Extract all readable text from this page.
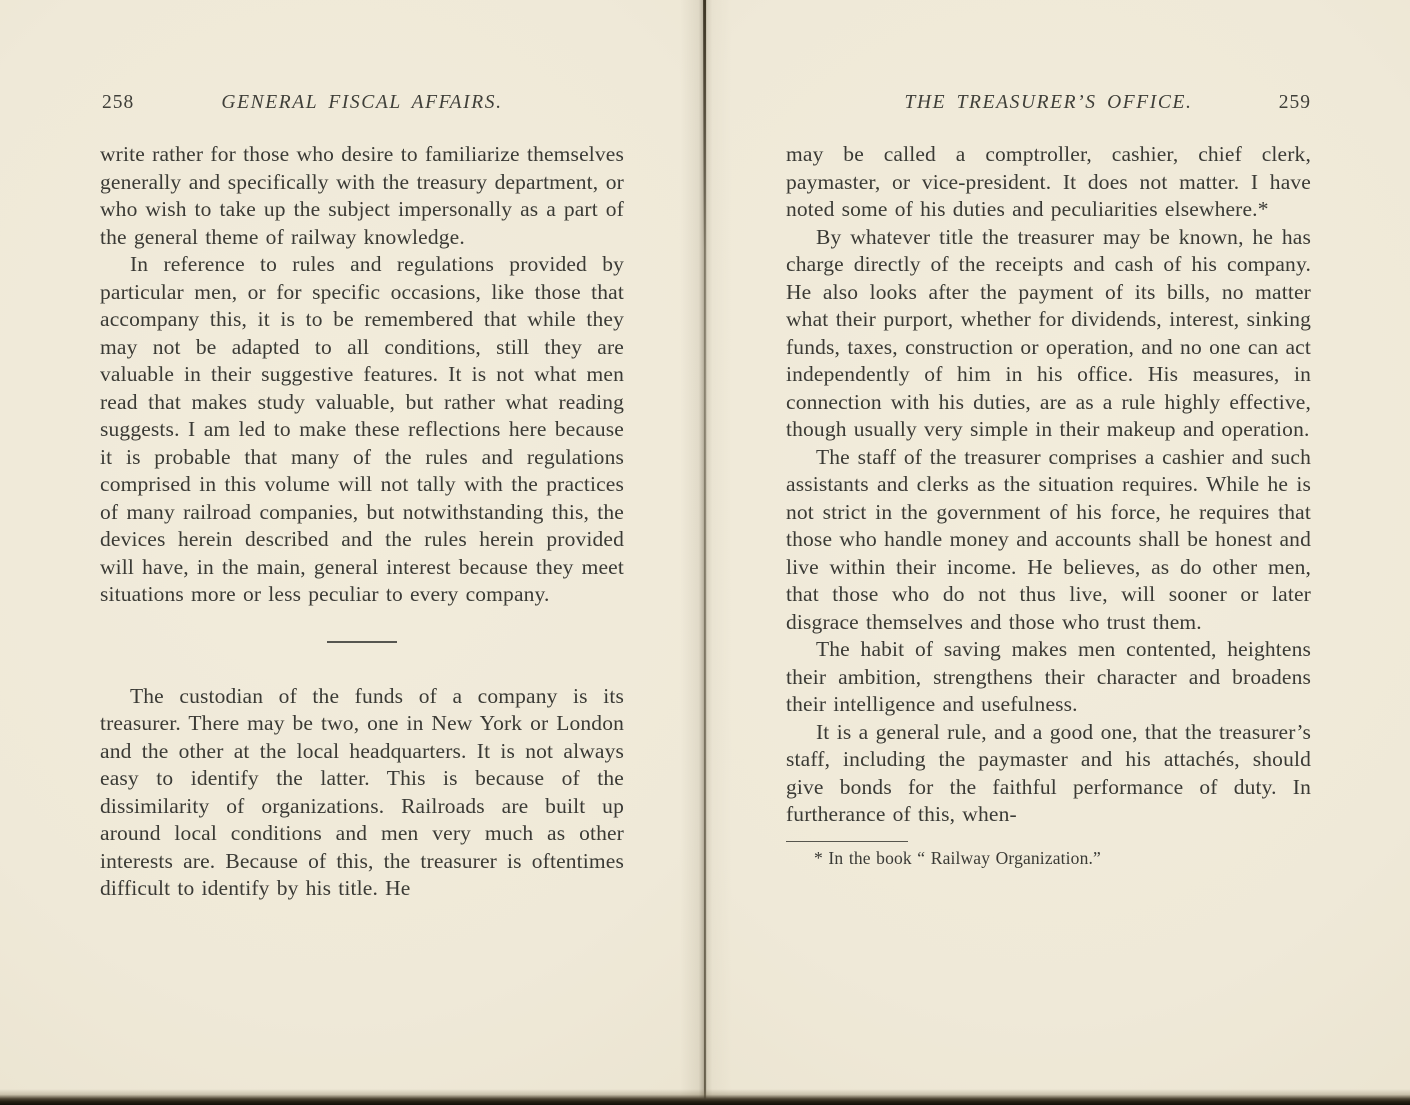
258	GENERAL FISCAL AFFAIRS.

write rather for those who desire to familiarize themselves generally and specifically with the treasury department, or who wish to take up the subject impersonally as a part of the general theme of railway knowledge.

In reference to rules and regulations provided by particular men, or for specific occasions, like those that accompany this, it is to be remembered that while they may not be adapted to all conditions, still they are valuable in their suggestive features. It is not what men read that makes study valuable, but rather what reading suggests. I am led to make these reflections here because it is probable that many of the rules and regulations comprised in this volume will not tally with the practices of many railroad companies, but notwithstanding this, the devices herein described and the rules herein provided will have, in the main, general interest because they meet situations more or less peculiar to every company.

The custodian of the funds of a company is its treasurer. There may be two, one in New York or London and the other at the local headquarters. It is not always easy to identify the latter. This is because of the dissimilarity of organizations. Railroads are built up around local conditions and men very much as other interests are. Because of this, the treasurer is oftentimes difficult to identify by his title. He

THE TREASURER’S OFFICE.	259

may be called a comptroller, cashier, chief clerk, paymaster, or vice-president. It does not matter. I have noted some of his duties and peculiarities elsewhere.*

By whatever title the treasurer may be known, he has charge directly of the receipts and cash of his company. He also looks after the payment of its bills, no matter what their purport, whether for dividends, interest, sinking funds, taxes, construction or operation, and no one can act independently of him in his office. His measures, in connection with his duties, are as a rule highly effective, though usually very simple in their makeup and operation.

The staff of the treasurer comprises a cashier and such assistants and clerks as the situation requires. While he is not strict in the government of his force, he requires that those who handle money and accounts shall be honest and live within their income. He believes, as do other men, that those who do not thus live, will sooner or later disgrace themselves and those who trust them.

The habit of saving makes men contented, heightens their ambition, strengthens their character and broadens their intelligence and usefulness.

It is a general rule, and a good one, that the treasurer’s staff, including the paymaster and his attachés, should give bonds for the faithful performance of duty. In furtherance of this, when-

* In the book “ Railway Organization.”
